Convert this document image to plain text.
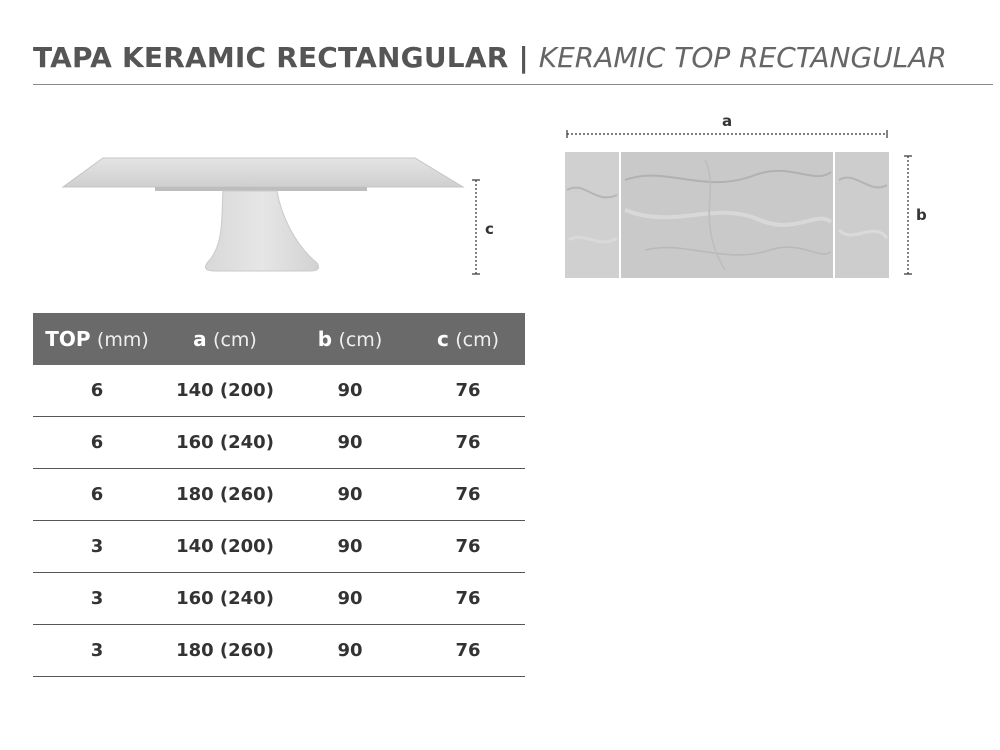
TAPA KERAMIC RECTANGULAR | KERAMIC TOP RECTANGULAR
c
a
b
TOP (mm)	a (cm)	b (cm)	c (cm)
6	140 (200)	90	76
6	160 (240)	90	76
6	180 (260)	90	76
3	140 (200)	90	76
3	160 (240)	90	76
3	180 (260)	90	76
